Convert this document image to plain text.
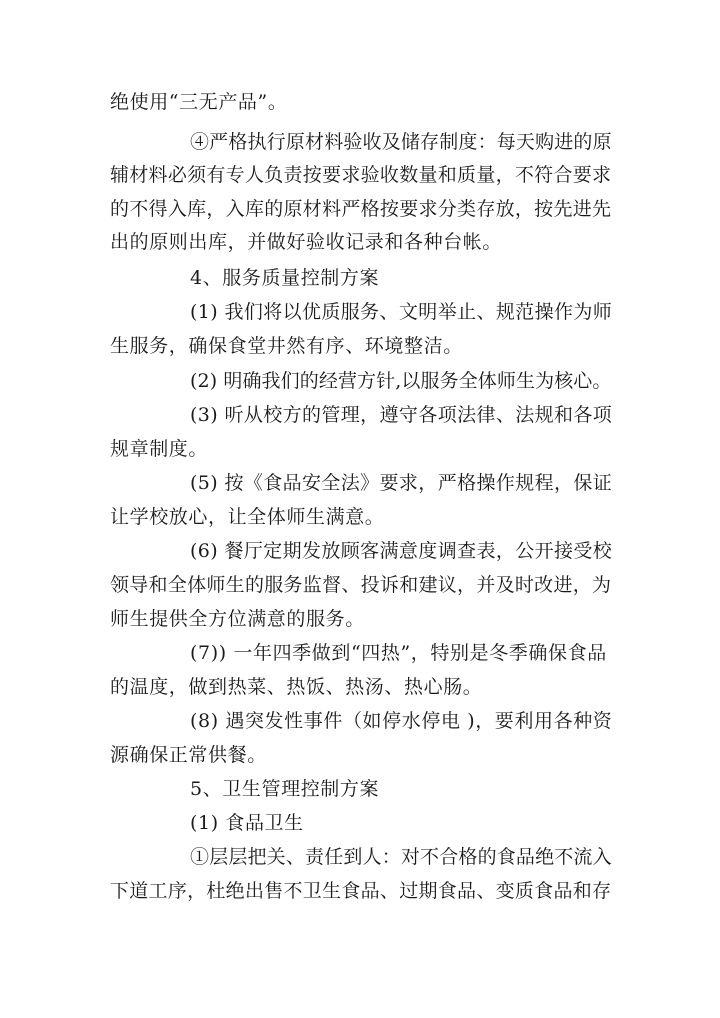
绝使用“三无产品”。
④严格执行原材料验收及储存制度：每天购进的原
辅材料必须有专人负责按要求验收数量和质量，不符合要求
的不得入库，入库的原材料严格按要求分类存放，按先进先
出的原则出库，并做好验收记录和各种台帐。
4、服务质量控制方案
(1) 我们将以优质服务、文明举止、规范操作为师
生服务，确保食堂井然有序、环境整洁。
(2) 明确我们的经营方针,以服务全体师生为核心。
(3) 听从校方的管理，遵守各项法律、法规和各项
规章制度。
(5) 按《食品安全法》要求，严格操作规程，保证
让学校放心，让全体师生满意。
(6) 餐厅定期发放顾客满意度调查表，公开接受校
领导和全体师生的服务监督、投诉和建议，并及时改进，为
师生提供全方位满意的服务。
(7)) 一年四季做到“四热”，特别是冬季确保食品
的温度，做到热菜、热饭、热汤、热心肠。
(8) 遇突发性事件（如停水停电 )，要利用各种资
源确保正常供餐。
5、卫生管理控制方案
(1) 食品卫生
①层层把关、责任到人：对不合格的食品绝不流入
下道工序，杜绝出售不卫生食品、过期食品、变质食品和存
